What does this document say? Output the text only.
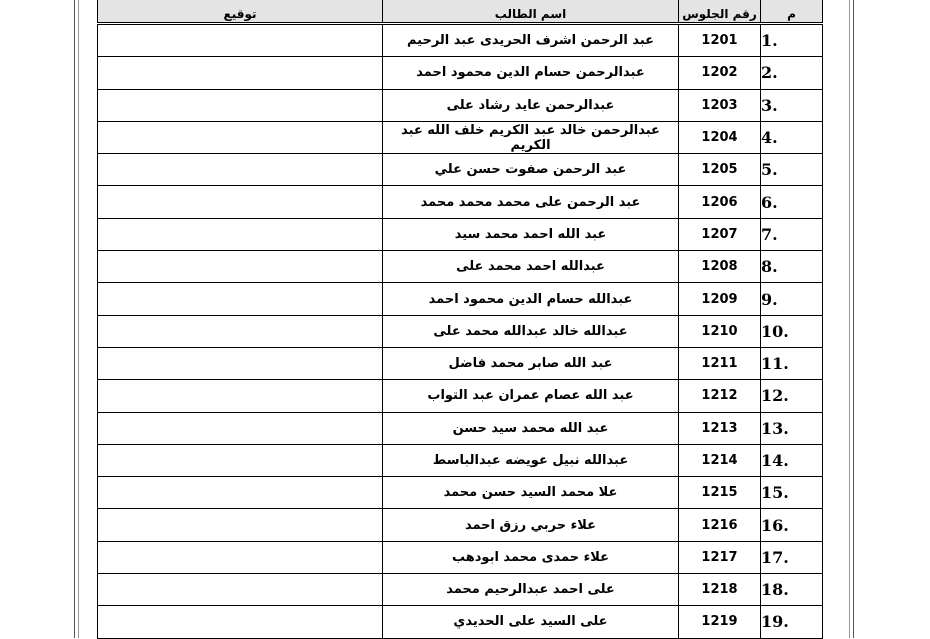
م	رقم الجلوس	اسم الطالب	توقيع
1.	1201	عبد الرحمن اشرف الحريدى عبد الرحيم	
2.	1202	عبدالرحمن حسام الدين محمود احمد	
3.	1203	عبدالرحمن عايد رشاد على	
4.	1204	عبدالرحمن خالد عبد الكريم خلف الله عبد الكريم	
5.	1205	عبد الرحمن صفوت حسن علي	
6.	1206	عبد الرحمن على محمد محمد محمد	
7.	1207	عبد الله احمد محمد سيد	
8.	1208	عبدالله احمد محمد على	
9.	1209	عبدالله حسام الدين محمود احمد	
10.	1210	عبدالله خالد عبدالله محمد على	
11.	1211	عبد الله صابر محمد فاضل	
12.	1212	عبد الله عصام عمران عبد التواب	
13.	1213	عبد الله محمد سيد حسن	
14.	1214	عبدالله نبيل عويضه عبدالباسط	
15.	1215	علا محمد السيد حسن محمد	
16.	1216	علاء حربي رزق احمد	
17.	1217	علاء حمدى محمد ابودهب	
18.	1218	على احمد عبدالرحيم محمد	
19.	1219	على السيد على الحديدي	
